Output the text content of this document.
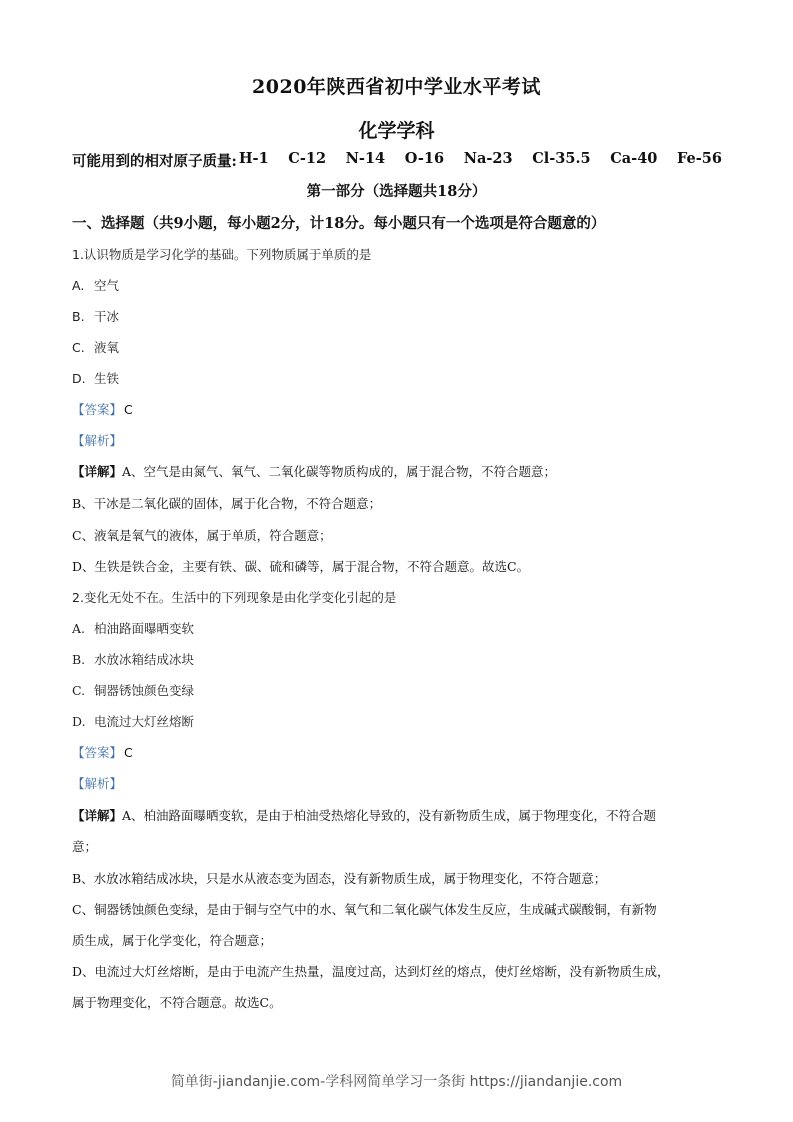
2020年陕西省初中学业水平考试
化学学科
可能用到的相对原子质量: H-1 C-12 N-14 O-16 Na-23 Cl-35.5 Ca-40 Fe-56
第一部分（选择题共18分）
一、选择题（共9小题，每小题2分，计18分。每小题只有一个选项是符合题意的）
1.认识物质是学习化学的基础。下列物质属于单质的是
A. 空气
B. 干冰
C. 液氧
D. 生铁
【答案】 C
【解析】
【详解】A、空气是由氮气、氧气、二氧化碳等物质构成的，属于混合物，不符合题意；
B、干冰是二氧化碳的固体，属于化合物，不符合题意；
C、液氧是氧气的液体，属于单质，符合题意；
D、生铁是铁合金，主要有铁、碳、硫和磷等，属于混合物，不符合题意。故选C。
2.变化无处不在。生活中的下列现象是由化学变化引起的是
A. 柏油路面曝晒变软
B. 水放冰箱结成冰块
C. 铜器锈蚀颜色变绿
D. 电流过大灯丝熔断
【答案】 C
【解析】
【详解】A、柏油路面曝晒变软，是由于柏油受热熔化导致的，没有新物质生成，属于物理变化，不符合题
意；
B、水放冰箱结成冰块，只是水从液态变为固态，没有新物质生成，属于物理变化，不符合题意；
C、铜器锈蚀颜色变绿，是由于铜与空气中的水、氧气和二氧化碳气体发生反应，生成碱式碳酸铜，有新物
质生成，属于化学变化，符合题意；
D、电流过大灯丝熔断，是由于电流产生热量，温度过高，达到灯丝的熔点，使灯丝熔断，没有新物质生成，
属于物理变化，不符合题意。故选C。
简单街-jiandanjie.com-学科网简单学习一条街 https://jiandanjie.com
